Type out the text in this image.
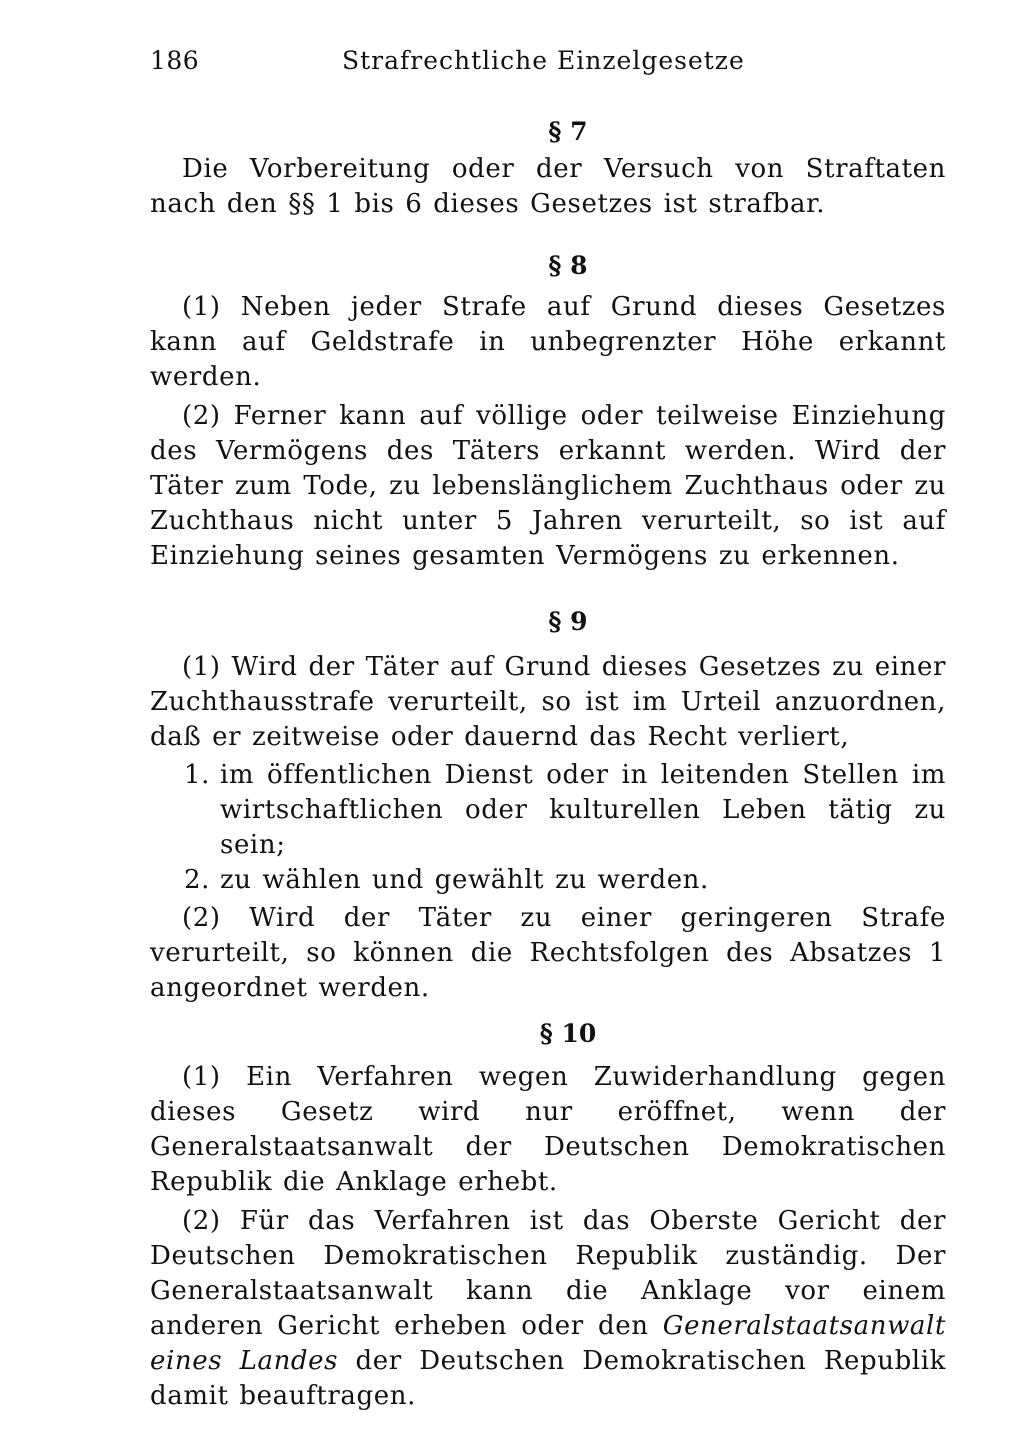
186	Strafrechtliche Einzelgesetze
§ 7

Die Vorbereitung oder der Versuch von Straftaten nach den §§ 1 bis 6 dieses Gesetzes ist strafbar.

§ 8

(1) Neben jeder Strafe auf Grund dieses Gesetzes kann auf Geldstrafe in unbegrenzter Höhe erkannt werden.

(2) Ferner kann auf völlige oder teilweise Einziehung des Vermögens des Täters erkannt werden. Wird der Täter zum Tode, zu lebenslänglichem Zuchthaus oder zu Zuchthaus nicht unter 5 Jahren verurteilt, so ist auf Einziehung seines gesamten Vermögens zu erkennen.

§ 9

(1) Wird der Täter auf Grund dieses Gesetzes zu einer Zuchthausstrafe verurteilt, so ist im Urteil anzuordnen, daß er zeitweise oder dauernd das Recht verliert,

1. im öffentlichen Dienst oder in leitenden Stellen im wirtschaftlichen oder kulturellen Leben tätig zu sein;
2. zu wählen und gewählt zu werden.

(2) Wird der Täter zu einer geringeren Strafe verurteilt, so können die Rechtsfolgen des Absatzes 1 angeordnet werden.

§ 10

(1) Ein Verfahren wegen Zuwiderhandlung gegen dieses Gesetz wird nur eröffnet, wenn der Generalstaatsanwalt der Deutschen Demokratischen Republik die Anklage erhebt.

(2) Für das Verfahren ist das Oberste Gericht der Deutschen Demokratischen Republik zuständig. Der Generalstaatsanwalt kann die Anklage vor einem anderen Gericht erheben oder den Generalstaatsanwalt eines Landes der Deutschen Demokratischen Republik damit beauftragen.
